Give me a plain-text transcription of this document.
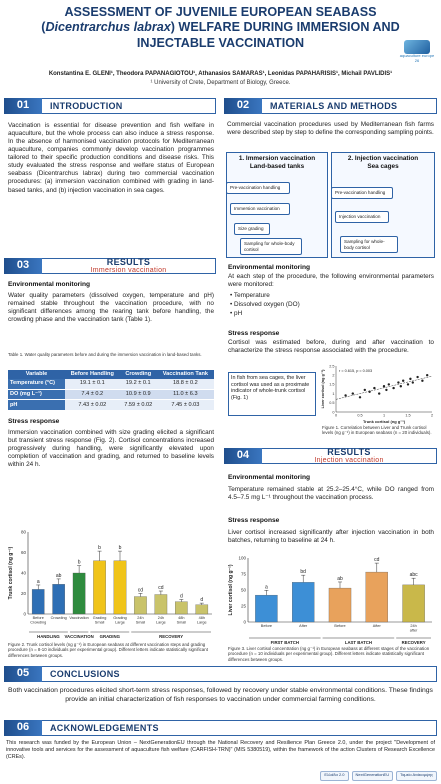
ASSESSMENT OF JUVENILE EUROPEAN SEABASS
(Dicentrarchus labrax) WELFARE DURING IMMERSION AND
INJECTABLE VACCINATION
aquaculture europe 26
Konstantina E. GLENI¹, Theodora PAPANAGIOTOU¹, Athanasios SAMARAS¹, Leonidas PAPAHARISIS¹, Michail PAVLIDIS¹
¹ University of Crete, Department of Biology, Greece.
01	INTRODUCTION

Vaccination is essential for disease prevention and fish welfare in aquaculture, but the whole process can also induce a stress response. In the absence of harmonised vaccination protocols for Mediterranean aquaculture, companies commonly develop vaccination programmes tailored to their specific production conditions and disease risks. This study evaluated the stress response and welfare status of European seabass (Dicentrarchus labrax) during two commercial vaccination procedures: (a) immersion vaccination combined with grading in land-based tanks, and (b) injection vaccination in sea cages.

02	MATERIALS AND METHODS

Commercial vaccination procedures used by Mediterranean fish farms were described step by step to define the corresponding sampling points.

1. Immersion vaccination
Land-based tanks
Pre-vaccination handling
Immersion vaccination
Size grading
Sampling for whole-body cortisol
2. Injection vaccination
Sea cages
Pre-vaccination handling
Injection vaccination
Sampling for whole-body cortisol
Environmental monitoring

At each step of the procedure, the following environmental parameters were monitored:

• Temperature
• Dissolved oxygen (DO)
• pH
Stress response

Cortisol was estimated before, during and after vaccination to characterize the stress response associated with the procedure.

In fish from sea cages, the liver cortisol was used as a proximate indicator of whole-trunk cortisol (Fig. 1)
0	0.5	1	1.5	2
0
0.5
1
1.5
2
2.5
r = 0.615, p = 0.003
Trunk cortisol (ng g⁻¹)
Liver cortisol (ng g⁻¹)
Figure 1. Correlation between Liver and Trunk cortisol levels (ng g⁻¹) in European seabass (n = 20 individuals).
03	RESULTS
Immersion vaccination
Environmental monitoring

Water quality parameters (dissolved oxygen, temperature and pH) remained stable throughout the vaccination procedure, with no significant differences among the rearing tank before handling, the crowding phase and the vaccination tank (Table 1).

Table 1. Water quality parameters before and during the immersion vaccination in land-based tanks.
Variable	Before Handling	Crowding	Vaccination Tank
Temperature (°C)	19.1 ± 0.1	19.2 ± 0.1	18.8 ± 0.2
DO (mg L⁻¹)	7.4 ± 0.2	10.9 ± 0.9	11.0 ± 6.3
pH	7.43 ± 0.02	7.59 ± 0.02	7.45 ± 0.03
Stress response

Immersion vaccination combined with size grading elicited a significant but transient stress response (Fig. 2). Cortisol concentrations increased progressively during handling, were significantly elevated upon completion of vaccination and grading, and returned to baseline levels within 24 h.

0
20
40
60
80
Trunk cortisol (ng g⁻¹)	a
Before
Crowding
ab
Crowding
b
Vaccination
b
Grading
Small
b
Grading
Large
cd
24h
Small
cd
24h
Large
d
48h
Small
d
48h
Large
HANDLING VACCINATION GRADING	RECOVERY
Figure 2. Trunk cortisol levels (ng g⁻¹) in European seabass at different vaccination steps and grading procedure (n = 8-10 individuals per experimental group). Different letters indicate statistically significant differences between groups.
04	RESULTS
Injection vaccination
Environmental monitoring

Temperature remained stable at 25.2–25.4°C, while DO ranged from 4.5–7.5 mg L⁻¹ throughout the vaccination process.

Stress response

Liver cortisol increased significantly after injection vaccination in both batches, returning to baseline at 24 h.

0
25
50
75
100
Liver cortisol (ng g⁻¹)	a
Before
bd
After
ab
Before
cd
After
abc
24h
after
FIRST BATCH	LAST BATCH	RECOVERY
Figure 3. Liver cortisol concentration (ng g⁻¹) in European seabass at different stages of the vaccination procedure (n = 10 individuals per experimental group). Different letters indicate statistically significant differences between groups.
05	CONCLUSIONS

Both vaccination procedures elicited short-term stress responses, followed by recovery under stable environmental conditions. These findings provide an initial characterization of fish responses to vaccination under commercial farming conditions.

06	ACKNOWLEDGEMENTS

This research was funded by the European Union – NextGenerationEU through the National Recovery and Resilience Plan Greece 2.0, under the project "Development of innovative tools and services for the assessment of aquaculture fish welfare (CARFISH-TRN)" (MIS 5380519), within the framework of the action Clusters of Research Excellence (CREs).

Ελλάδα 2.0	NextGenerationEU	Ταμείο Ανάκαμψης
